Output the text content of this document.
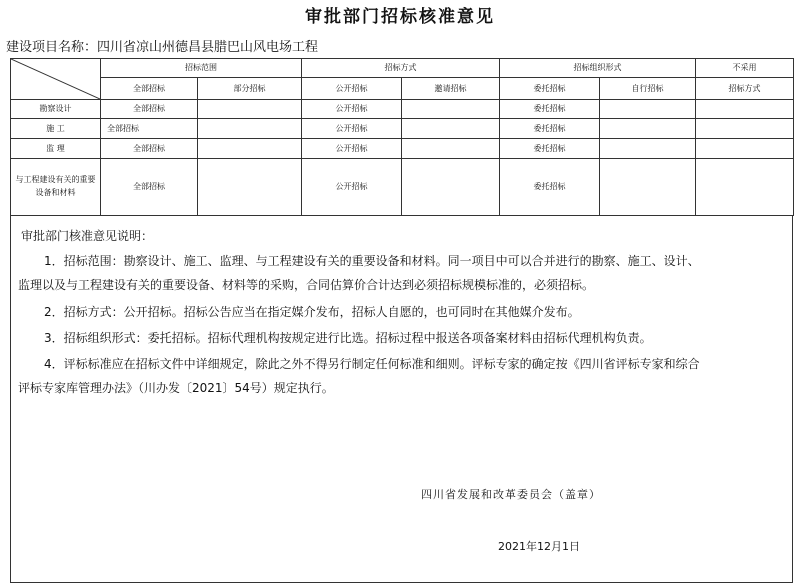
审批部门招标核准意见
建设项目名称：四川省凉山州德昌县腊巴山风电场工程
	招标范围		招标方式		招标组织形式		不采用
	全部招标	部分招标	公开招标	邀请招标	委托招标	自行招标	招标方式
勘察设计	全部招标		公开招标		委托招标		
施 工	全部招标		公开招标		委托招标		
监 理	全部招标		公开招标		委托招标		
与工程建设有关的重要设备和材料	全部招标		公开招标		委托招标		
审批部门核准意见说明：
1．招标范围：勘察设计、施工、监理、与工程建设有关的重要设备和材料。同一项目中可以合并进行的勘察、施工、设计、
监理以及与工程建设有关的重要设备、材料等的采购，合同估算价合计达到必须招标规模标准的，必须招标。
2．招标方式：公开招标。招标公告应当在指定媒介发布，招标人自愿的，也可同时在其他媒介发布。
3．招标组织形式：委托招标。招标代理机构按规定进行比选。招标过程中报送各项备案材料由招标代理机构负责。
4．评标标准应在招标文件中详细规定，除此之外不得另行制定任何标准和细则。评标专家的确定按《四川省评标专家和综合
评标专家库管理办法》（川办发〔2021〕54号）规定执行。
四川省发展和改革委员会（盖章）
2021年12月1日
